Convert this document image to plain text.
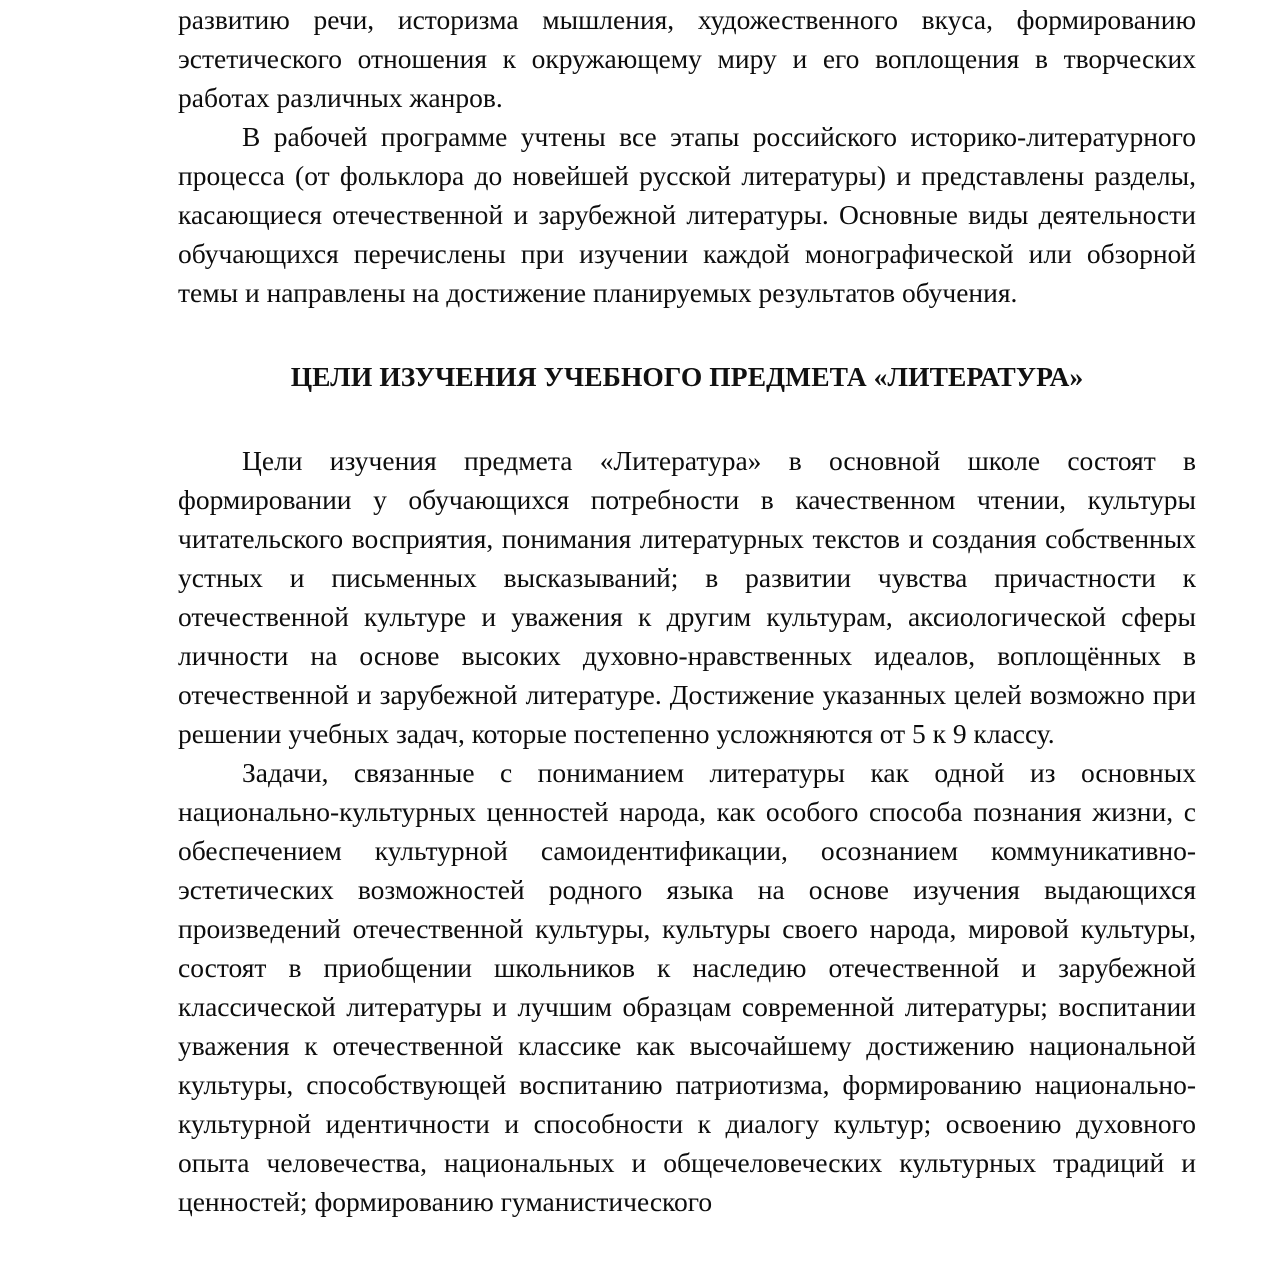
развитию речи, историзма мышления, художественного вкуса, формированию эстетического отношения к окружающему миру и его воплощения в творческих работах различных жанров.

В рабочей программе учтены все этапы российского историко-литературного процесса (от фольклора до новейшей русской литературы) и представлены разделы, касающиеся отечественной и зарубежной литературы. Основные виды деятельности обучающихся перечислены при изучении каждой монографической или обзорной темы и направлены на достижение планируемых результатов обучения.

ЦЕЛИ ИЗУЧЕНИЯ УЧЕБНОГО ПРЕДМЕТА «ЛИТЕРАТУРА»

Цели изучения предмета «Литература» в основной школе состоят в формировании у обучающихся потребности в качественном чтении, культуры читательского восприятия, понимания литературных текстов и создания собственных устных и письменных высказываний; в развитии чувства причастности к отечественной культуре и уважения к другим культурам, аксиологической сферы личности на основе высоких духовно-нравственных идеалов, воплощённых в отечественной и зарубежной литературе. Достижение указанных целей возможно при решении учебных задач, которые постепенно усложняются от 5 к 9 классу.

Задачи, связанные с пониманием литературы как одной из основных национально-культурных ценностей народа, как особого способа познания жизни, с обеспечением культурной самоидентификации, осознанием коммуникативно-эстетических возможностей родного языка на основе изучения выдающихся произведений отечественной культуры, культуры своего народа, мировой культуры, состоят в приобщении школьников к наследию отечественной и зарубежной классической литературы и лучшим образцам современной литературы; воспитании уважения к отечественной классике как высочайшему достижению национальной культуры, способствующей воспитанию патриотизма, формированию национально-культурной идентичности и способности к диалогу культур; освоению духовного опыта человечества, национальных и общечеловеческих культурных традиций и ценностей; формированию гуманистического
